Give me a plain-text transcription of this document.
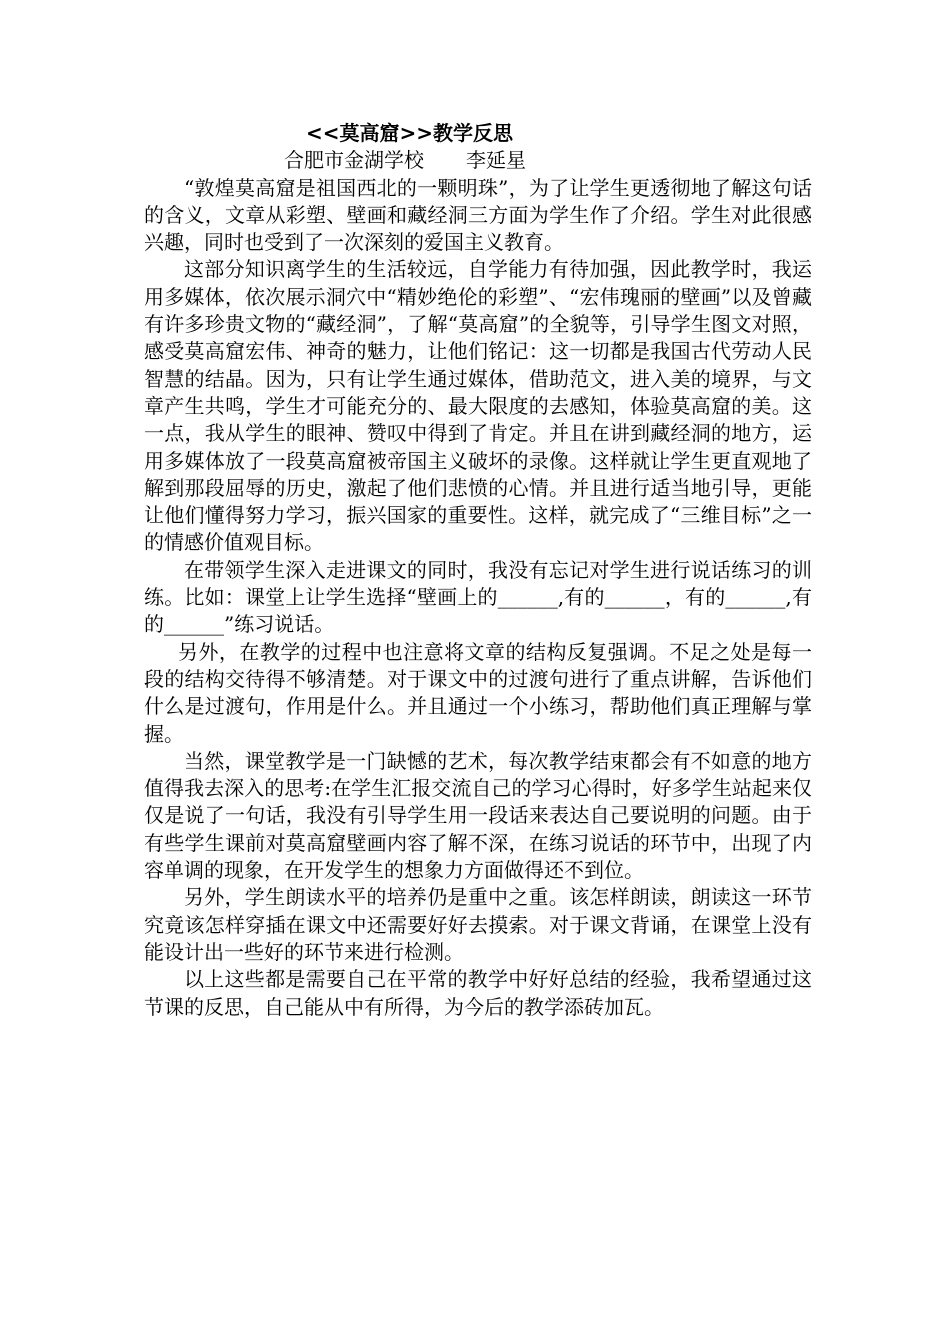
<<莫高窟>>教学反思
合肥市金湖学校 李延星

“敦煌莫高窟是祖国西北的一颗明珠”，为了让学生更透彻地了解这句话的含义，文章从彩塑、壁画和藏经洞三方面为学生作了介绍。学生对此很感兴趣，同时也受到了一次深刻的爱国主义教育。

这部分知识离学生的生活较远，自学能力有待加强，因此教学时，我运用多媒体，依次展示洞穴中“精妙绝伦的彩塑”、“宏伟瑰丽的壁画”以及曾藏有许多珍贵文物的“藏经洞”，了解“莫高窟”的全貌等，引导学生图文对照，感受莫高窟宏伟、神奇的魅力，让他们铭记：这一切都是我国古代劳动人民智慧的结晶。因为，只有让学生通过媒体，借助范文，进入美的境界，与文章产生共鸣，学生才可能充分的、最大限度的去感知，体验莫高窟的美。这一点，我从学生的眼神、赞叹中得到了肯定。并且在讲到藏经洞的地方，运用多媒体放了一段莫高窟被帝国主义破坏的录像。这样就让学生更直观地了解到那段屈辱的历史，激起了他们悲愤的心情。并且进行适当地引导，更能让他们懂得努力学习，振兴国家的重要性。这样，就完成了“三维目标”之一的情感价值观目标。

在带领学生深入走进课文的同时，我没有忘记对学生进行说话练习的训练。比如：课堂上让学生选择“壁画上的______,有的______，有的______,有的______”练习说话。

另外，在教学的过程中也注意将文章的结构反复强调。不足之处是每一段的结构交待得不够清楚。对于课文中的过渡句进行了重点讲解，告诉他们什么是过渡句，作用是什么。并且通过一个小练习，帮助他们真正理解与掌握。

当然，课堂教学是一门缺憾的艺术，每次教学结束都会有不如意的地方值得我去深入的思考:在学生汇报交流自己的学习心得时，好多学生站起来仅仅是说了一句话，我没有引导学生用一段话来表达自己要说明的问题。由于有些学生课前对莫高窟壁画内容了解不深，在练习说话的环节中，出现了内容单调的现象，在开发学生的想象力方面做得还不到位。

另外，学生朗读水平的培养仍是重中之重。该怎样朗读，朗读这一环节究竟该怎样穿插在课文中还需要好好去摸索。对于课文背诵，在课堂上没有能设计出一些好的环节来进行检测。

以上这些都是需要自己在平常的教学中好好总结的经验，我希望通过这节课的反思，自己能从中有所得，为今后的教学添砖加瓦。
